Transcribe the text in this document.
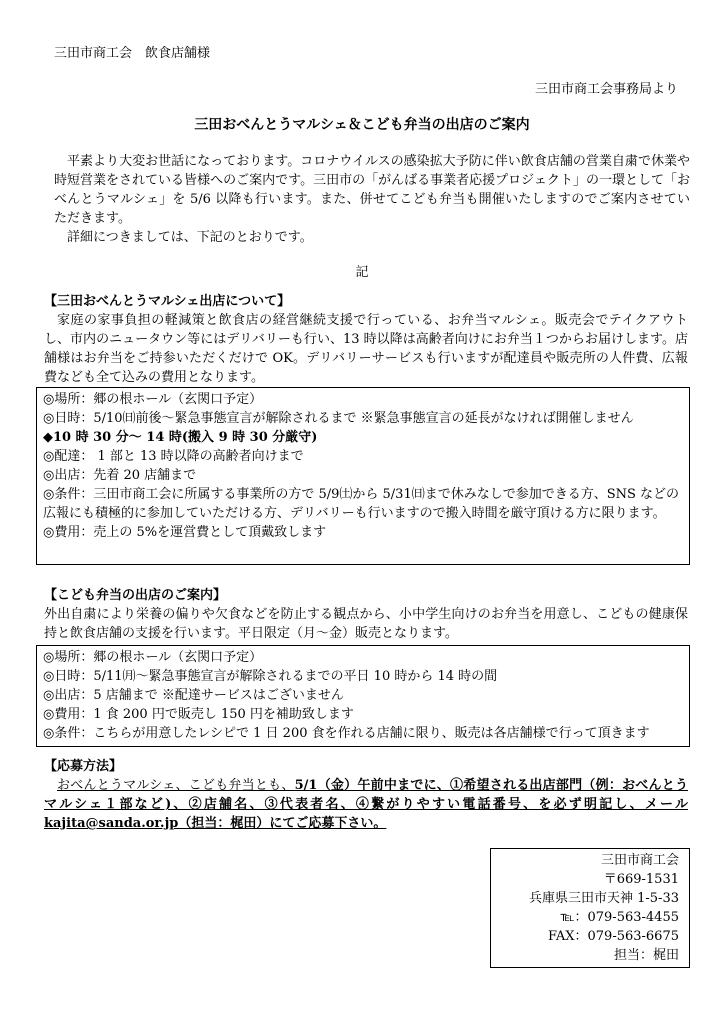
三田市商工会　飲食店舗様
三田市商工会事務局より
三田おべんとうマルシェ＆こども弁当の出店のご案内
平素より大変お世話になっております。コロナウイルスの感染拡大予防に伴い飲食店舗の営業自粛で休業や時短営業をされている皆様へのご案内です。三田市の「がんばる事業者応援プロジェクト」の一環として「おべんとうマルシェ」を 5/6 以降も行います。また、併せてこども弁当も開催いたしますのでご案内させていただきます。
詳細につきましては、下記のとおりです。
記
【三田おべんとうマルシェ出店について】
家庭の家事負担の軽減策と飲食店の経営継続支援で行っている、お弁当マルシェ。販売会でテイクアウトし、市内のニュータウン等にはデリバリーも行い、13 時以降は高齢者向けにお弁当１つからお届けします。店舗様はお弁当をご持参いただくだけで OK。デリバリーサービスも行いますが配達員や販売所の人件費、広報費なども全て込みの費用となります。
◎場所：郷の根ホール（玄関口予定）
◎日時：5/10㈰前後～緊急事態宣言が解除されるまで ※緊急事態宣言の延長がなければ開催しません
◆10 時 30 分～ 14 時(搬入 9 時 30 分厳守)
◎配達： 1 部と 13 時以降の高齢者向けまで
◎出店：先着 20 店舗まで
◎条件：三田市商工会に所属する事業所の方で 5/9㈯から 5/31㈰まで休みなしで参加できる方、SNS などの広報にも積極的に参加していただける方、デリバリーも行いますので搬入時間を厳守頂ける方に限ります。
◎費用：売上の 5%を運営費として頂戴致します
【こども弁当の出店のご案内】
外出自粛により栄養の偏りや欠食などを防止する観点から、小中学生向けのお弁当を用意し、こどもの健康保持と飲食店舗の支援を行います。平日限定（月～金）販売となります。
◎場所：郷の根ホール（玄関口予定）
◎日時：5/11㈪～緊急事態宣言が解除されるまでの平日 10 時から 14 時の間
◎出店：5 店舗まで ※配達サービスはございません
◎費用：1 食 200 円で販売し 150 円を補助致します
◎条件：こちらが用意したレシピで 1 日 200 食を作れる店舗に限り、販売は各店舗様で行って頂きます
【応募方法】
おべんとうマルシェ、こども弁当とも、5/1（金）午前中までに、①希望される出店部門（例：おべんとうマルシェ１部など)、②店舗名、③代表者名、④繋がりやすい電話番号、を必ず明記し、メール kajita@sanda.or.jp（担当：梶田）にてご応募下さい。
三田市商工会
〒669-1531
兵庫県三田市天神 1-5-33
℡：079-563-4455
FAX：079-563-6675
担当：梶田
